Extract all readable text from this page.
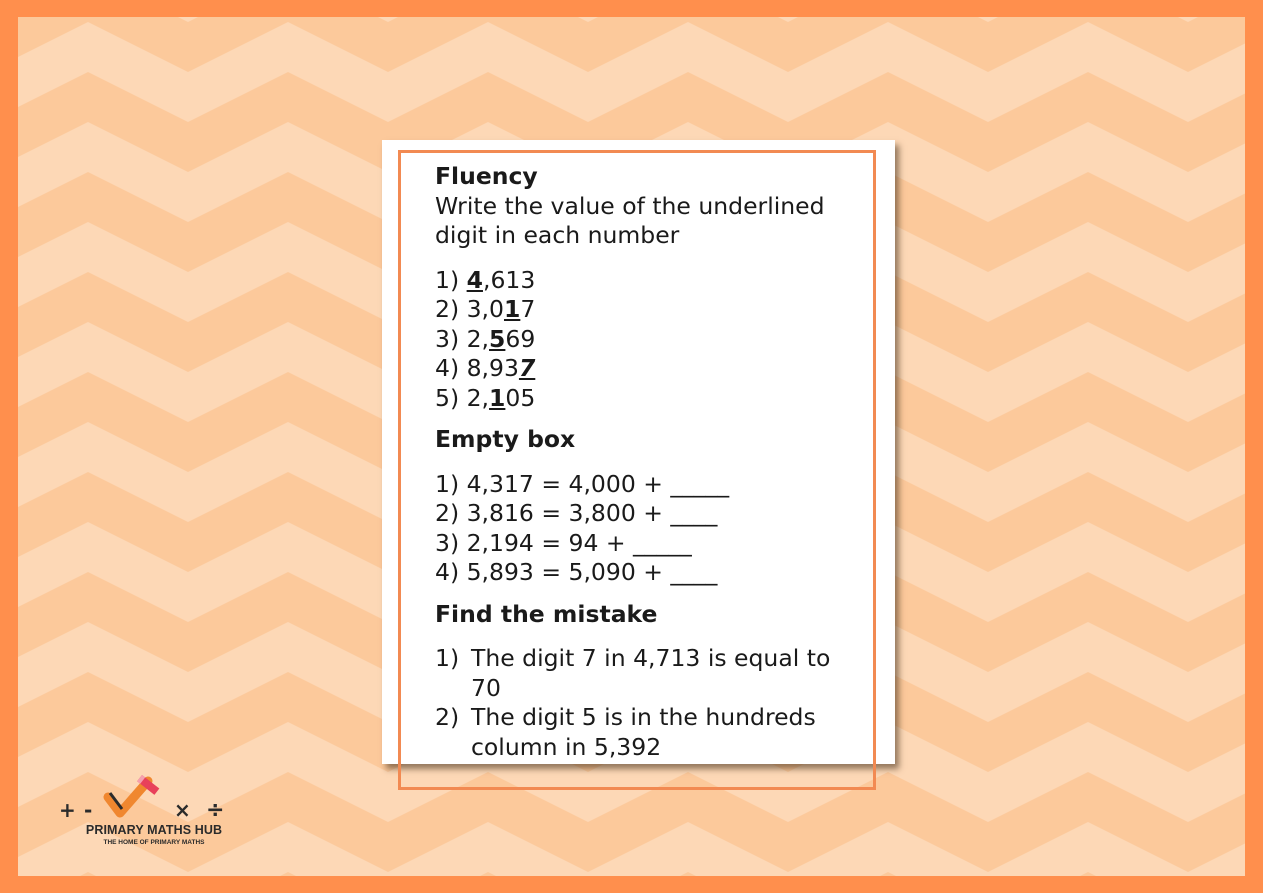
Fluency
Write the value of the underlined
digit in each number
1) 4,613
2) 3,017
3) 2,569
4) 8,937
5) 2,105
Empty box
1) 4,317 = 4,000 + _____
2) 3,816 = 3,800 + ____
3) 2,194 = 94 + _____
4) 5,893 = 5,090 + ____
Find the mistake
1) The digit 7 in 4,713 is equal to
70
2) The digit 5 is in the hundreds
column in 5,392
+ -	× ÷
PRIMARY MATHS HUB
THE HOME OF PRIMARY MATHS
